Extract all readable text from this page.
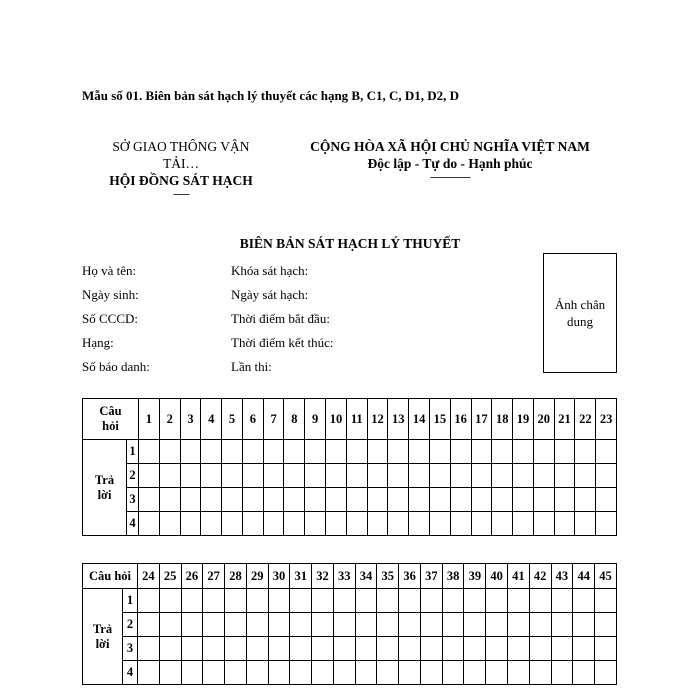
Mẫu số 01. Biên bản sát hạch lý thuyết các hạng B, C1, C, D1, D2, D
SỞ GIAO THÔNG VẬN
TẢI…
HỘI ĐỒNG SÁT HẠCH
------
CỘNG HÒA XÃ HỘI CHỦ NGHĨA VIỆT NAM
Độc lập - Tự do - Hạnh phúc
---------------
BIÊN BẢN SÁT HẠCH LÝ THUYẾT
Họ và tên:
Ngày sinh:
Số CCCD:
Hạng:
Số báo danh:
Khóa sát hạch:
Ngày sát hạch:
Thời điểm bắt đầu:
Thời điểm kết thúc:
Lần thi:
Ảnh chân
dung
Câu
hỏi		1	2	3	4	5	6	7	8	9	10	11	12	13	14	15	16	17	18	19	20	21	22	23

Trả
lời	1																							
	2																							
	3																							
	4																							
Câu hỏi		24	25	26	27	28	29	30	31	32	33	34	35	36	37	38	39	40	41	42	43	44	45

Trả
lời	1																						
	2																						
	3																						
	4																						
